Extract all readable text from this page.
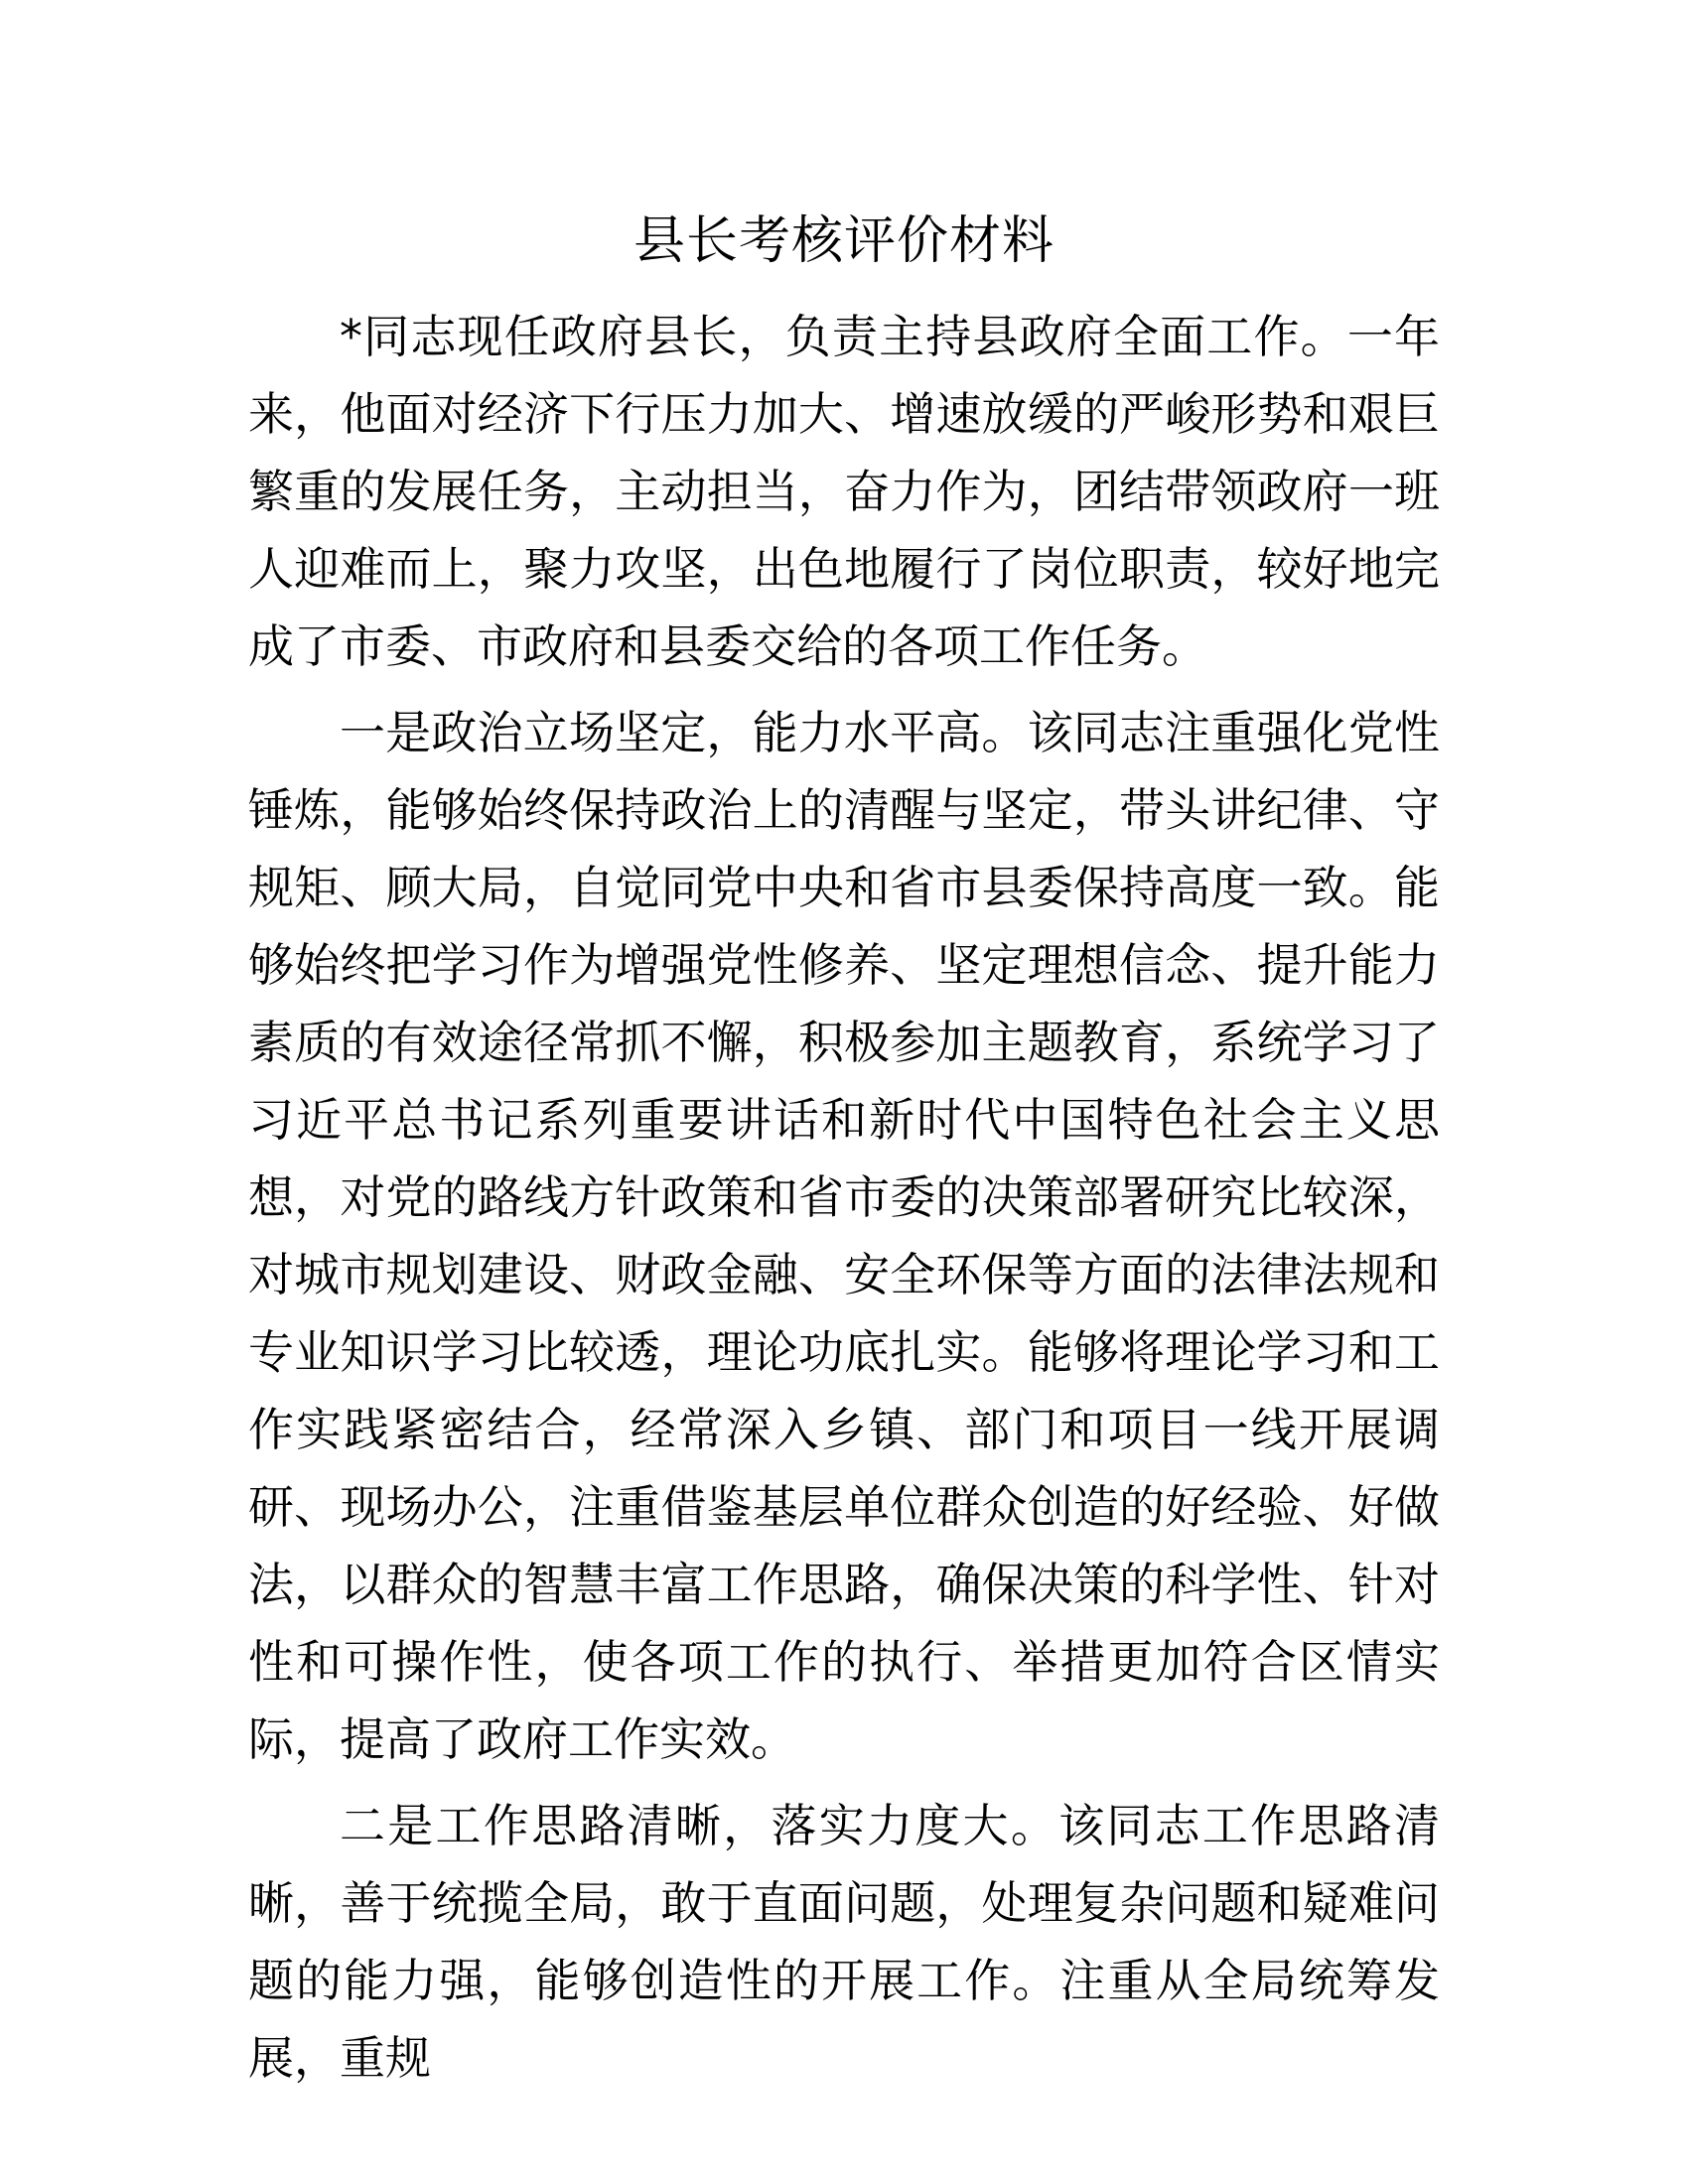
县长考核评价材料

*同志现任政府县长，负责主持县政府全面工作。一年来，他面对经济下行压力加大、增速放缓的严峻形势和艰巨繁重的发展任务，主动担当，奋力作为，团结带领政府一班人迎难而上，聚力攻坚，出色地履行了岗位职责，较好地完成了市委、市政府和县委交给的各项工作任务。

一是政治立场坚定，能力水平高。该同志注重强化党性锤炼，能够始终保持政治上的清醒与坚定，带头讲纪律、守规矩、顾大局，自觉同党中央和省市县委保持高度一致。能够始终把学习作为增强党性修养、坚定理想信念、提升能力素质的有效途径常抓不懈，积极参加主题教育，系统学习了习近平总书记系列重要讲话和新时代中国特色社会主义思想，对党的路线方针政策和省市委的决策部署研究比较深，对城市规划建设、财政金融、安全环保等方面的法律法规和专业知识学习比较透，理论功底扎实。能够将理论学习和工作实践紧密结合，经常深入乡镇、部门和项目一线开展调研、现场办公，注重借鉴基层单位群众创造的好经验、好做法，以群众的智慧丰富工作思路，确保决策的科学性、针对性和可操作性，使各项工作的执行、举措更加符合区情实际，提高了政府工作实效。

二是工作思路清晰，落实力度大。该同志工作思路清晰，善于统揽全局，敢于直面问题，处理复杂问题和疑难问题的能力强，能够创造性的开展工作。注重从全局统筹发展，重规
